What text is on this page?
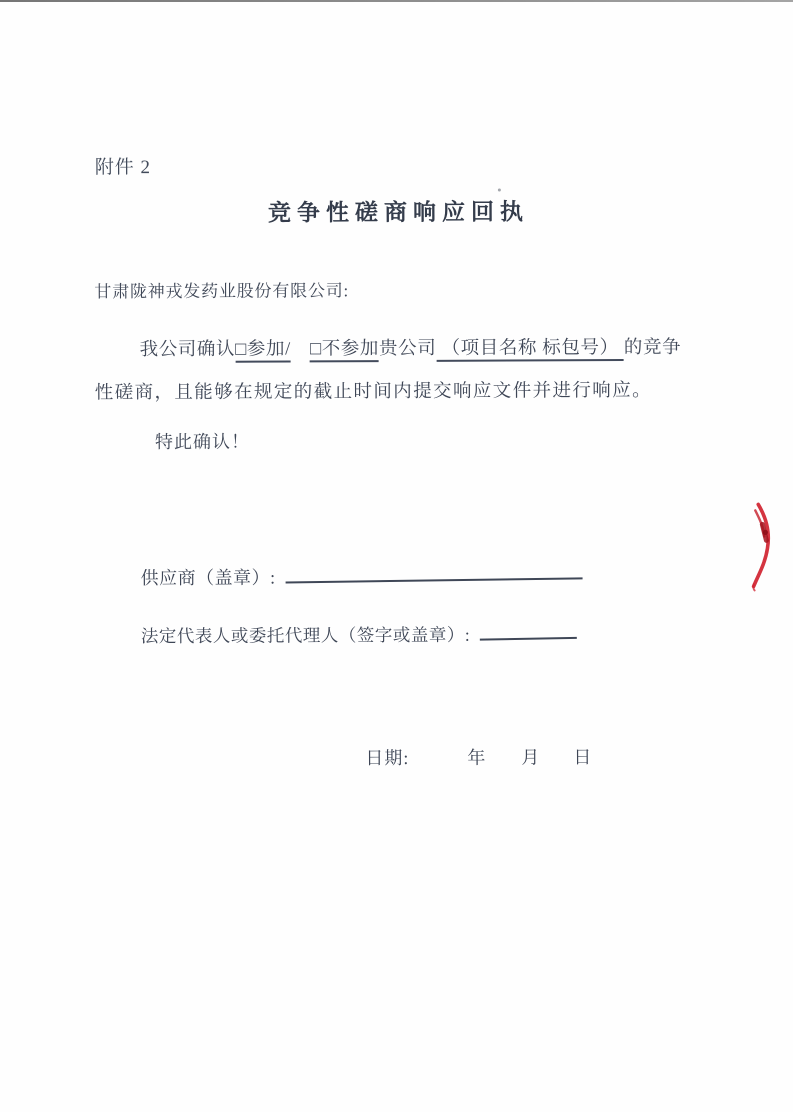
附件 2
竞争性磋商响应回执
甘肃陇神戎发药业股份有限公司:

我公司确认□参加/　 □不参加贵公司 （项目名称 标包号） 的竞争

性磋商，且能够在规定的截止时间内提交响应文件并进行响应。

特此确认！

供应商（盖章）:

法定代表人或委托代理人（签字或盖章）:

日期:	年 月 日
